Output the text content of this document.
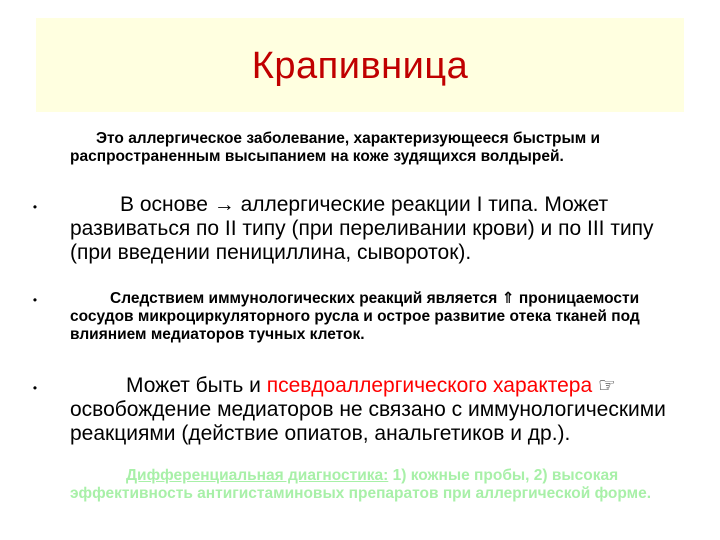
Крапивница
Это аллергическое заболевание, характеризующееся быстрым и распространенным высыпанием на коже зудящихся волдырей.
•	В основе → аллергические реакции I типа. Может развиваться по II типу (при переливании крови) и по III типу (при введении пенициллина, сывороток).
•	Следствием иммунологических реакций является ⇑ проницаемости сосудов микроциркуляторного русла и острое развитие отека тканей под влиянием медиаторов тучных клеток.
•	Может быть и псевдоаллергического характера ☞ освобождение медиаторов не связано с иммунологическими реакциями (действие опиатов, анальгетиков и др.).
Дифференциальная диагностика: 1) кожные пробы, 2) высокая эффективность антигистаминовых препаратов при аллергической форме.
